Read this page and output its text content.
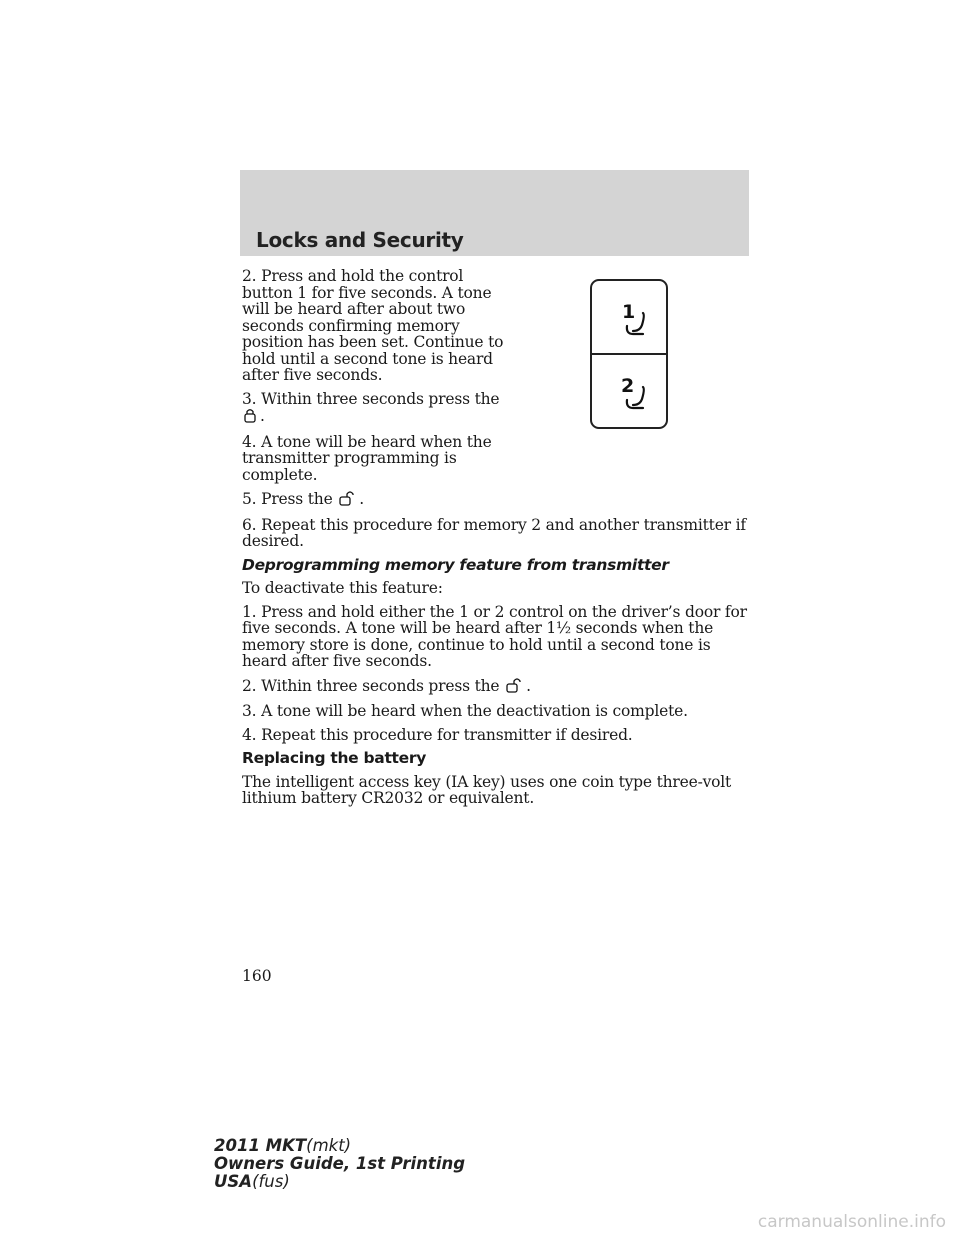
Locks and Security
1
2

2. Press and hold the control button 1 for five seconds. A tone will be heard after about two seconds confirming memory position has been set. Continue to hold until a second tone is heard after five seconds.

3. Within three seconds press the .

4. A tone will be heard when the transmitter programming is complete.

5. Press the .

6. Repeat this procedure for memory 2 and another transmitter if desired.

Deprogramming memory feature from transmitter

To deactivate this feature:

1. Press and hold either the 1 or 2 control on the driver’s door for five seconds. A tone will be heard after 1½ seconds when the memory store is done, continue to hold until a second tone is heard after five seconds.

2. Within three seconds press the .

3. A tone will be heard when the deactivation is complete.

4. Repeat this procedure for transmitter if desired.

Replacing the battery

The intelligent access key (IA key) uses one coin type three-volt lithium battery CR2032 or equivalent.

160
2011 MKT(mkt)
Owners Guide, 1st Printing
USA(fus)
carmanualsonline.info
